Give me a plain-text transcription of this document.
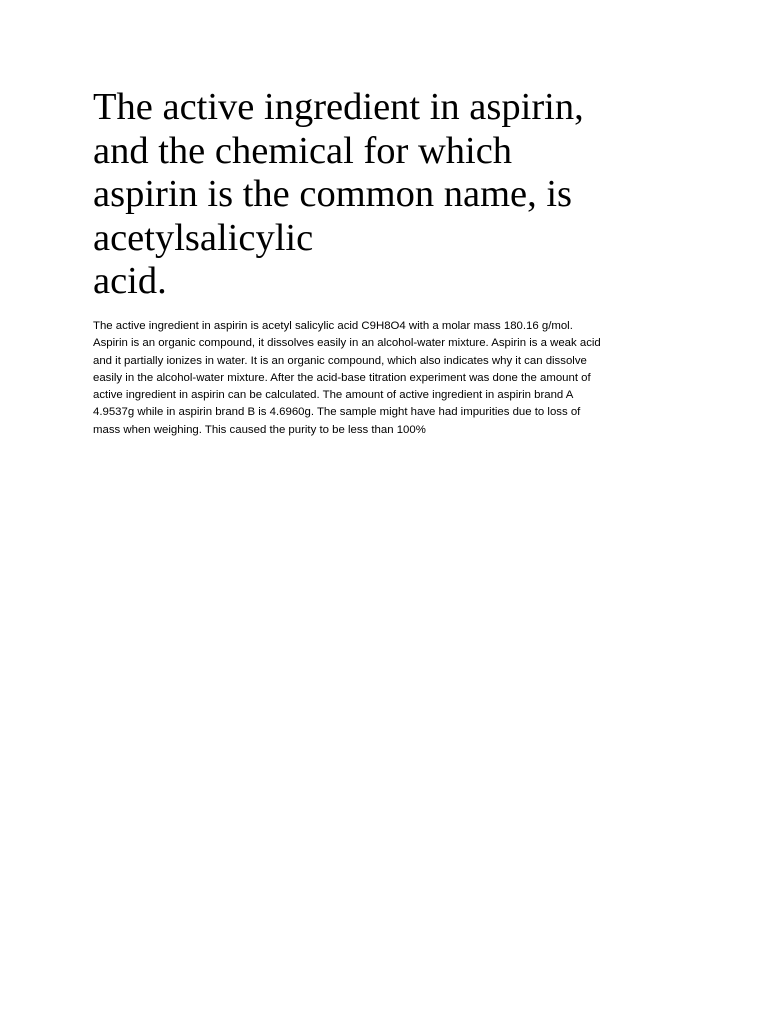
The active ingredient in aspirin,
and the chemical for which
aspirin is the common name, is
acetylsalicylic
acid.

The active ingredient in aspirin is acetyl salicylic acid C9H8O4 with a molar mass 180.16 g/mol.
Aspirin is an organic compound, it dissolves easily in an alcohol-water mixture. Aspirin is a weak acid
and it partially ionizes in water. It is an organic compound, which also indicates why it can dissolve
easily in the alcohol-water mixture. After the acid-base titration experiment was done the amount of
active ingredient in aspirin can be calculated. The amount of active ingredient in aspirin brand A
4.9537g while in aspirin brand B is 4.6960g. The sample might have had impurities due to loss of
mass when weighing. This caused the purity to be less than 100%
